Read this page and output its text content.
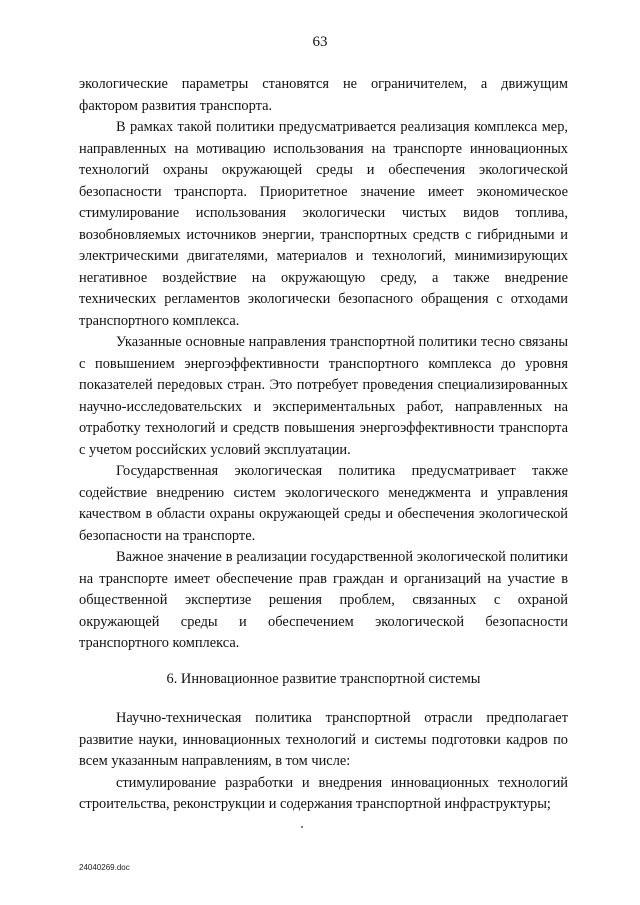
63

экологические параметры становятся не ограничителем, а движущим фактором развития транспорта.

В рамках такой политики предусматривается реализация комплекса мер, направленных на мотивацию использования на транспорте инновационных технологий охраны окружающей среды и обеспечения экологической безопасности транспорта. Приоритетное значение имеет экономическое стимулирование использования экологически чистых видов топлива, возобновляемых источников энергии, транспортных средств с гибридными и электрическими двигателями, материалов и технологий, минимизирующих негативное воздействие на окружающую среду, а также внедрение технических регламентов экологически безопасного обращения с отходами транспортного комплекса.

Указанные основные направления транспортной политики тесно связаны с повышением энергоэффективности транспортного комплекса до уровня показателей передовых стран. Это потребует проведения специализированных научно-исследовательских и экспериментальных работ, направленных на отработку технологий и средств повышения энергоэффективности транспорта с учетом российских условий эксплуатации.

Государственная экологическая политика предусматривает также содействие внедрению систем экологического менеджмента и управления качеством в области охраны окружающей среды и обеспечения экологической безопасности на транспорте.

Важное значение в реализации государственной экологической политики на транспорте имеет обеспечение прав граждан и организаций на участие в общественной экспертизе решения проблем, связанных с охраной окружающей среды и обеспечением экологической безопасности транспортного комплекса.

6. Инновационное развитие транспортной системы

Научно-техническая политика транспортной отрасли предполагает развитие науки, инновационных технологий и системы подготовки кадров по всем указанным направлениям, в том числе:

стимулирование разработки и внедрения инновационных технологий строительства, реконструкции и содержания транспортной инфраструктуры;

24040269.doc
